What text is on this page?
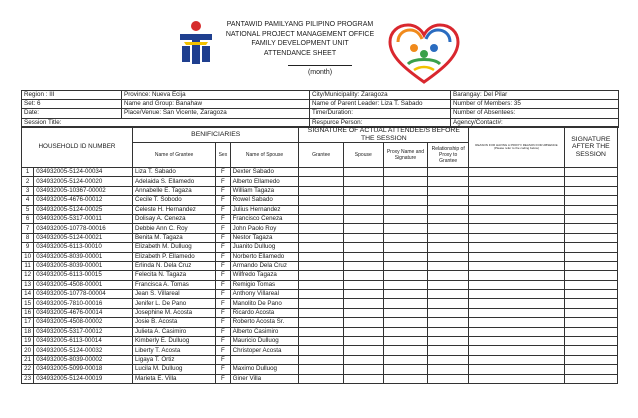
PANTAWID PAMILYANG PILIPINO PROGRAM
NATIONAL PROJECT MANAGEMENT OFFICE
FAMILY DEVELOPMENT UNIT
ATTENDANCE SHEET
(month)
Region : III	Province: Nueva Ecija	City/Municipality: Zaragoza	Barangay: Del Pilar
Set: 6	Name and Group: Banahaw	Name of Parent Leader: Liza T. Sabado	Number of Members: 35
Date:	Place/Venue: San Vicente, Zaragoza	Time/Duration:	Number of Absentees:
Session Title:		Respurce Person:	Agency/Contact#:
HOUSEHOLD ID NUMBER		BENIFICIARIES			SIGNATURE OF ACTUAL ATTENDEE/S BEFORE THE SESSION				REASON FOR HAVING A PROXY/ REASON FOR ABSENCE (Please refer to the coding below)	SIGNATURE AFTER THE SESSION
		Name of Grantee	Sex	Name of Spouse	Grantee	Spouse	Proxy Name and Signature	Relationship of Proxy to Grantee		
1	034932005-5124-00034	Liza T. Sabado	F	Dexter Sabado						
2	034932005-5124-00020	Adelaida S. Ellamedo	F	Alberto Ellamedo						
3	034932005-10367-00002	Annabelle E. Tagaza	F	William Tagaza						
4	034932005-4676-00012	Cecile T. Sobodo	F	Rowel Sabado						
5	034932005-5124-00025	Celeste H. Hernandez	F	Julius Hernandez						
6	034932005-5317-00011	Dolisay A. Ceneza	F	Francisco Ceneza						
7	034932005-10778-00016	Debbie Ann C. Roy	F	John Paolo Roy						
8	034932005-5124-00021	Benita M. Tagaza	F	Nestor Tagaza						
9	034932005-6113-00010	Elizabeth M. Dulluog	F	Juanito Dulluog						
10	034932005-8039-00001	Elizabeth P. Ellamedo	F	Norberto Ellamedo						
11	034932005-8039-00001	Erlinda N. Dela Cruz	F	Armando Dela Cruz						
12	034932005-6113-00015	Felecita N. Tagaza	F	Wilfredo Tagaza						
13	034932005-4508-00001	Francisca A. Tomas	F	Remigio Tomas						
14	034932005-10778-00004	Jean S. Villareal	F	Anthony Villareal						
15	034932005-7810-00016	Jenifer L. De Pano	F	Manolito De Pano						
16	034932005-4676-00014	Josephine M. Acosta	F	Ricardo Acosta						
17	034932005-4508-00002	Josie B. Acosta	F	Roberto Acosta Sr.						
18	034932005-5317-00012	Julieta A. Casimiro	F	Alberto Casimiro						
19	034932005-6113-00014	Kimberly E. Dulluog	F	Mauricio Dulluog						
20	034932005-5124-00032	Liberty T. Acosta	F	Christoper Acosta						
21	034932005-8039-00002	Ligaya T. Ortiz	F							
22	034932005-5099-00018	Lucila M. Dulluog	F	Maximo Dulluog						
23	034932005-5124-00019	Marieta E. Villa	F	Giner Villa						
